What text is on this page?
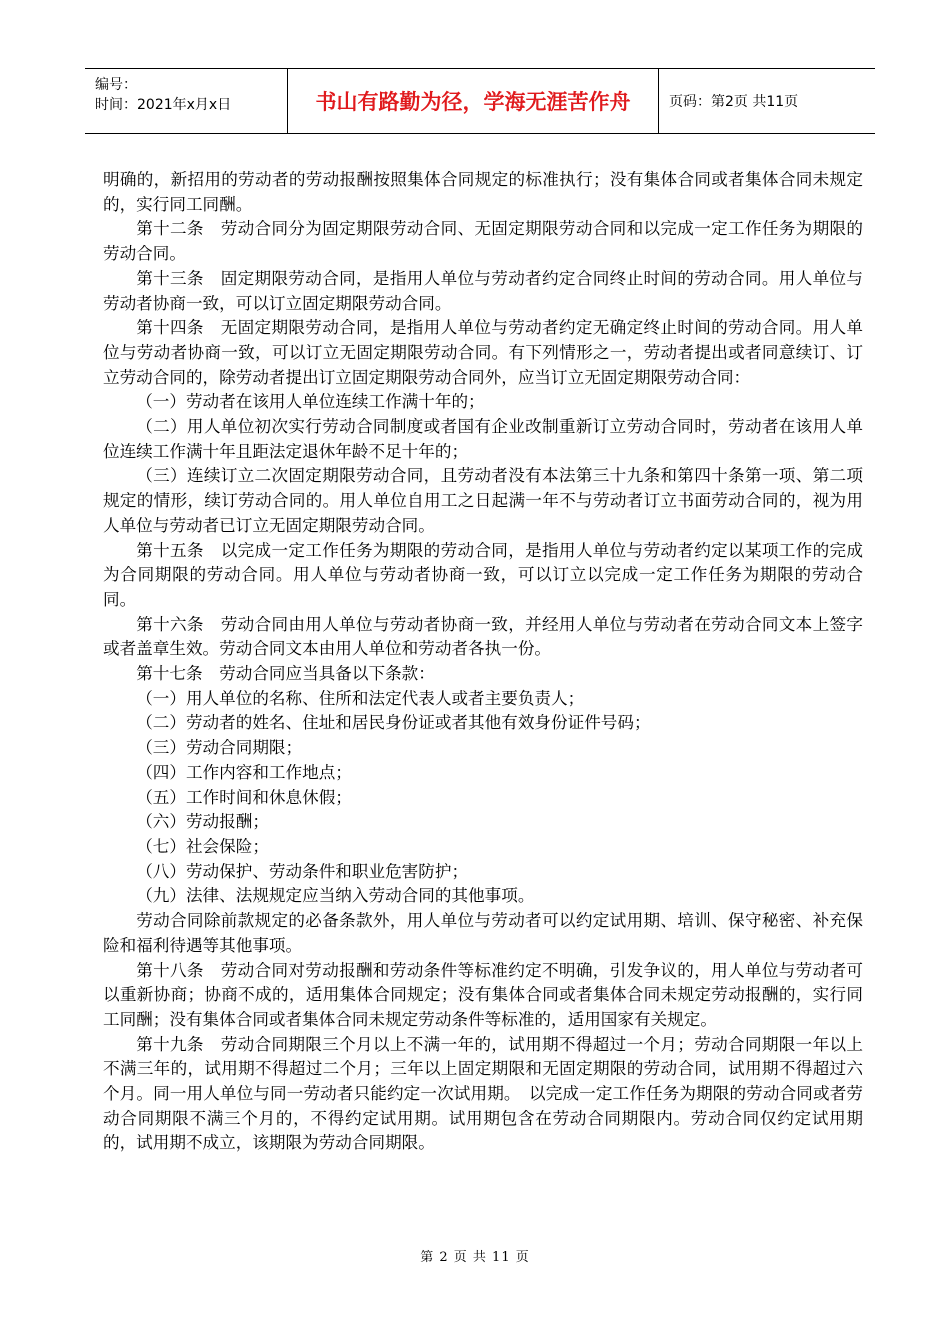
编号：
时间：2021年x月x日	书山有路勤为径，学海无涯苦作舟	页码：第2页 共11页

明确的，新招用的劳动者的劳动报酬按照集体合同规定的标准执行；没有集体合同或者集体合同未规定的，实行同工同酬。

第十二条　劳动合同分为固定期限劳动合同、无固定期限劳动合同和以完成一定工作任务为期限的劳动合同。

第十三条　固定期限劳动合同，是指用人单位与劳动者约定合同终止时间的劳动合同。用人单位与劳动者协商一致，可以订立固定期限劳动合同。

第十四条　无固定期限劳动合同，是指用人单位与劳动者约定无确定终止时间的劳动合同。用人单位与劳动者协商一致，可以订立无固定期限劳动合同。有下列情形之一，劳动者提出或者同意续订、订立劳动合同的，除劳动者提出订立固定期限劳动合同外，应当订立无固定期限劳动合同：

（一）劳动者在该用人单位连续工作满十年的；

（二）用人单位初次实行劳动合同制度或者国有企业改制重新订立劳动合同时，劳动者在该用人单位连续工作满十年且距法定退休年龄不足十年的；

（三）连续订立二次固定期限劳动合同，且劳动者没有本法第三十九条和第四十条第一项、第二项规定的情形，续订劳动合同的。用人单位自用工之日起满一年不与劳动者订立书面劳动合同的，视为用人单位与劳动者已订立无固定期限劳动合同。

第十五条　以完成一定工作任务为期限的劳动合同，是指用人单位与劳动者约定以某项工作的完成为合同期限的劳动合同。用人单位与劳动者协商一致，可以订立以完成一定工作任务为期限的劳动合同。

第十六条　劳动合同由用人单位与劳动者协商一致，并经用人单位与劳动者在劳动合同文本上签字或者盖章生效。劳动合同文本由用人单位和劳动者各执一份。

第十七条　劳动合同应当具备以下条款：

（一）用人单位的名称、住所和法定代表人或者主要负责人；

（二）劳动者的姓名、住址和居民身份证或者其他有效身份证件号码；

（三）劳动合同期限；

（四）工作内容和工作地点；

（五）工作时间和休息休假；

（六）劳动报酬；

（七）社会保险；

（八）劳动保护、劳动条件和职业危害防护；

（九）法律、法规规定应当纳入劳动合同的其他事项。

劳动合同除前款规定的必备条款外，用人单位与劳动者可以约定试用期、培训、保守秘密、补充保险和福利待遇等其他事项。

第十八条　劳动合同对劳动报酬和劳动条件等标准约定不明确，引发争议的，用人单位与劳动者可以重新协商；协商不成的，适用集体合同规定；没有集体合同或者集体合同未规定劳动报酬的，实行同工同酬；没有集体合同或者集体合同未规定劳动条件等标准的，适用国家有关规定。

第十九条　劳动合同期限三个月以上不满一年的，试用期不得超过一个月；劳动合同期限一年以上不满三年的，试用期不得超过二个月；三年以上固定期限和无固定期限的劳动合同，试用期不得超过六个月。同一用人单位与同一劳动者只能约定一次试用期。　以完成一定工作任务为期限的劳动合同或者劳动合同期限不满三个月的，不得约定试用期。试用期包含在劳动合同期限内。劳动合同仅约定试用期的，试用期不成立，该期限为劳动合同期限。

第 2 页 共 11 页
